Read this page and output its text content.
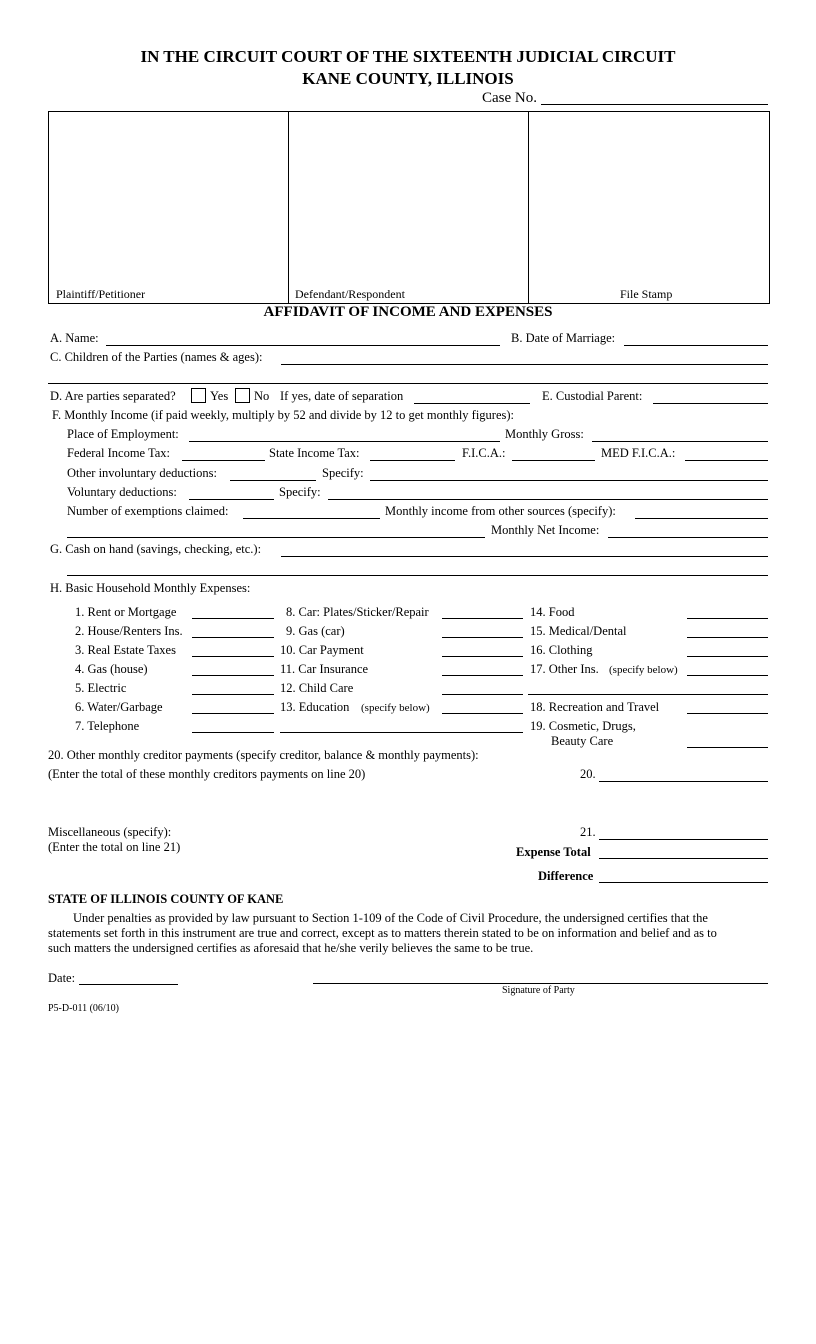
IN THE CIRCUIT COURT OF THE SIXTEENTH JUDICIAL CIRCUIT
KANE COUNTY, ILLINOIS
Case No.
Plaintiff/Petitioner	Defendant/Respondent	File Stamp
AFFIDAVIT OF INCOME AND EXPENSES
A. Name:	B. Date of Marriage:
C. Children of the Parties (names & ages):
D. Are parties separated?	Yes No If yes, date of separation	E. Custodial Parent:
F. Monthly Income (if paid weekly, multiply by 52 and divide by 12 to get monthly figures):
Place of Employment:	Monthly Gross:
Federal Income Tax:	State Income Tax:	F.I.C.A.:	MED F.I.C.A.:
Other involuntary deductions:	Specify:
Voluntary deductions:	Specify:
Number of exemptions claimed:	Monthly income from other sources (specify):
Monthly Net Income:
G. Cash on hand (savings, checking, etc.):
H. Basic Household Monthly Expenses:
1. Rent or Mortgage
2. House/Renters Ins.
3. Real Estate Taxes
4. Gas (house)
5. Electric
6. Water/Garbage
7. Telephone
8. Car: Plates/Sticker/Repair
9. Gas (car)
10. Car Payment
11. Car Insurance
12. Child Care
13. Education (specify below)
14. Food
15. Medical/Dental
16. Clothing
17. Other Ins. (specify below)
18. Recreation and Travel
19. Cosmetic, Drugs,
Beauty Care
20. Other monthly creditor payments (specify creditor, balance & monthly payments):
(Enter the total of these monthly creditors payments on line 20)	20.
Miscellaneous (specify):
(Enter the total on line 21)
21.
Expense Total
Difference
STATE OF ILLINOIS COUNTY OF KANE
Under penalties as provided by law pursuant to Section 1-109 of the Code of Civil Procedure, the undersigned certifies that the
statements set forth in this instrument are true and correct, except as to matters therein stated to be on information and belief and as to
such matters the undersigned certifies as aforesaid that he/she verily believes the same to be true.
Date:
Signature of Party
P5-D-011 (06/10)
